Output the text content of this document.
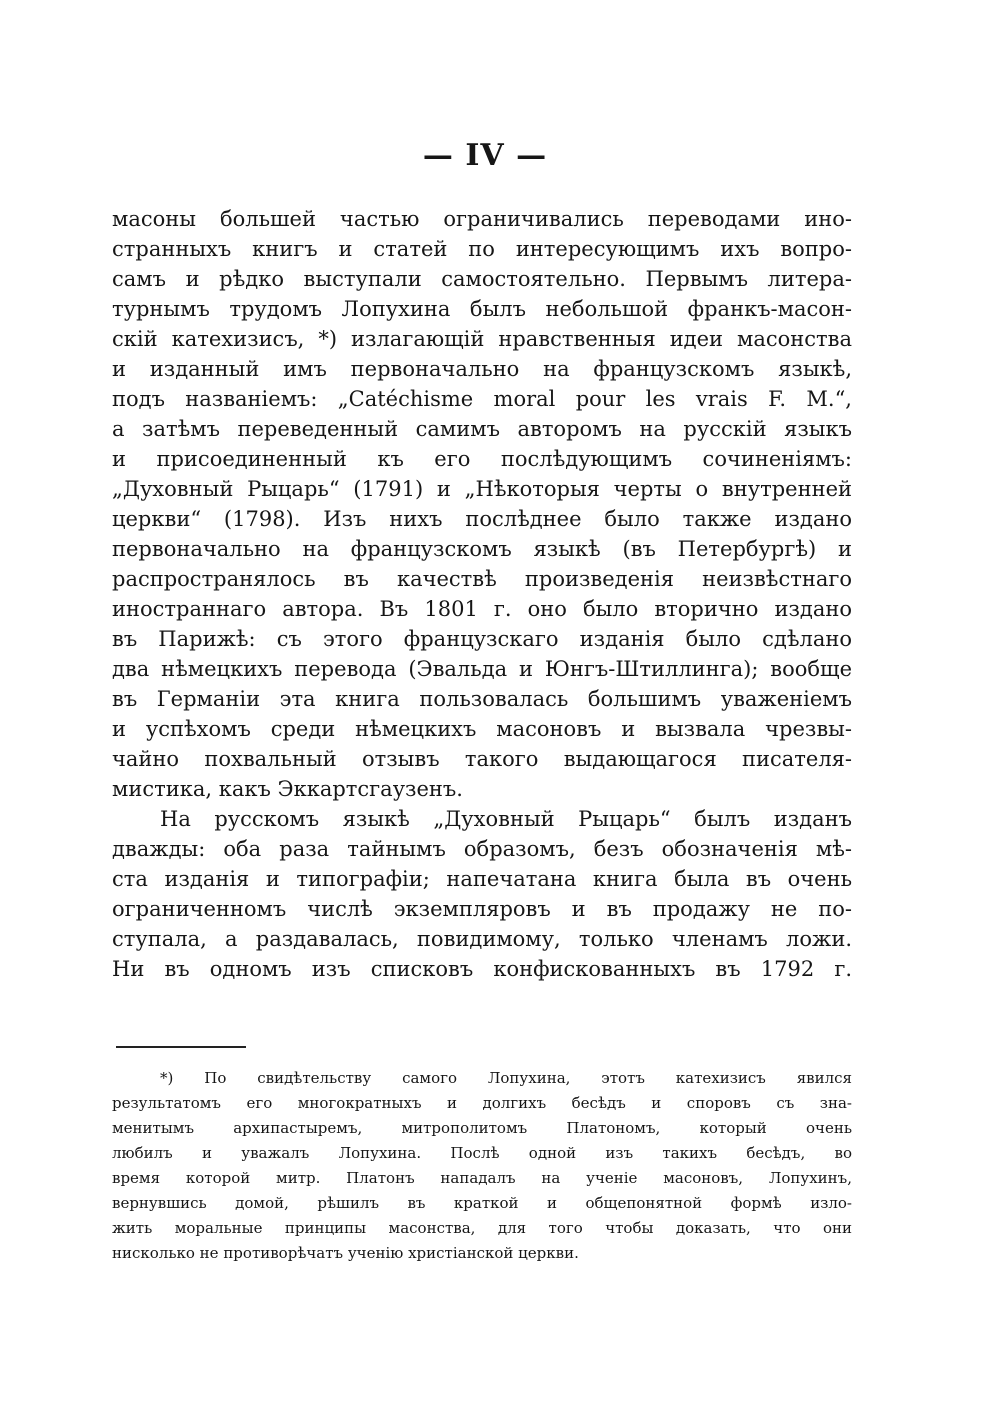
— IV —
масоны большей частью ограничивались переводами ино-
странныхъ книгъ и статей по интересующимъ ихъ вопро-
самъ и рѣдко выступали самостоятельно. Первымъ литера-
турнымъ трудомъ Лопухина былъ небольшой франкъ-масон-
скій катехизисъ, *) излагающій нравственныя идеи масонства
и изданный имъ первоначально на французскомъ языкѣ,
подъ названіемъ: „Catéchisme moral pour les vrais F. M.“,
а затѣмъ переведенный самимъ авторомъ на русскій языкъ
и присоединенный къ его послѣдующимъ сочиненіямъ:
„Духовный Рыцарь“ (1791) и „Нѣкоторыя черты о внутренней
церкви“ (1798). Изъ нихъ послѣднее было также издано
первоначально на французскомъ языкѣ (въ Петербургѣ) и
распространялось въ качествѣ произведенія неизвѣстнаго
иностраннаго автора. Въ 1801 г. оно было вторично издано
въ Парижѣ: съ этого французскаго изданія было сдѣлано
два нѣмецкихъ перевода (Эвальда и Юнгъ-Штиллинга); вообще
въ Германіи эта книга пользовалась большимъ уваженіемъ
и успѣхомъ среди нѣмецкихъ масоновъ и вызвала чрезвы-
чайно похвальный отзывъ такого выдающагося писателя-
мистика, какъ Эккартсгаузенъ.
На русскомъ языкѣ „Духовный Рыцарь“ былъ изданъ
дважды: оба раза тайнымъ образомъ, безъ обозначенія мѣ-
ста изданія и типографіи; напечатана книга была въ очень
ограниченномъ числѣ экземпляровъ и въ продажу не по-
ступала, а раздавалась, повидимому, только членамъ ложи.
Ни въ одномъ изъ списковъ конфискованныхъ въ 1792 г.
*) По свидѣтельству самого Лопухина, этотъ катехизисъ явился
результатомъ его многократныхъ и долгихъ бесѣдъ и споровъ съ зна-
менитымъ архипастыремъ, митрополитомъ Платономъ, который очень
любилъ и уважалъ Лопухина. Послѣ одной изъ такихъ бесѣдъ, во
время которой митр. Платонъ нападалъ на ученіе масоновъ, Лопухинъ,
вернувшись домой, рѣшилъ въ краткой и общепонятной формѣ изло-
жить моральные принципы масонства, для того чтобы доказать, что они
нисколько не противорѣчатъ ученію христіанской церкви.
